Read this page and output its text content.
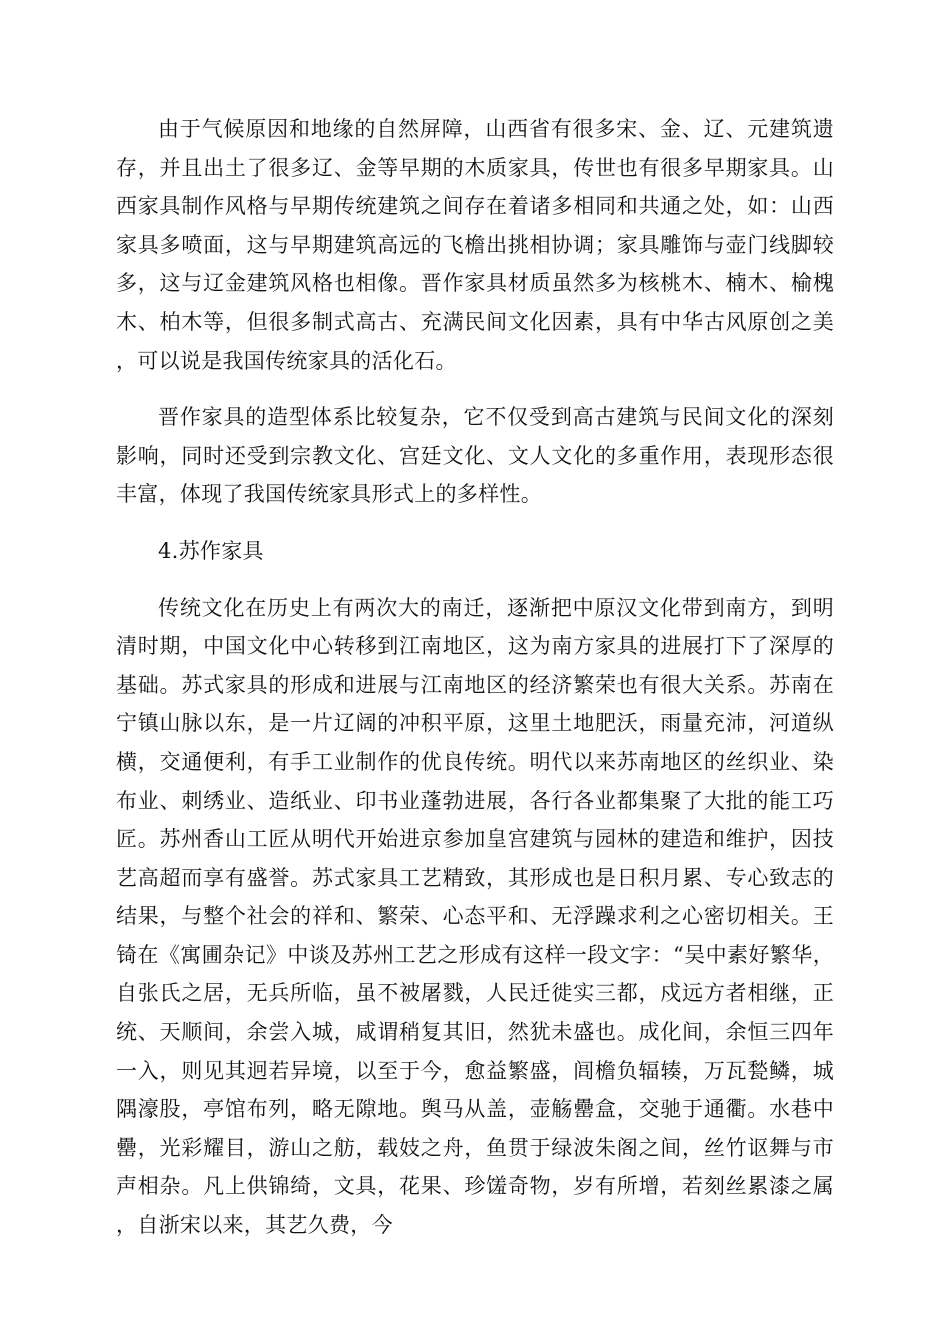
由于气候原因和地缘的自然屏障，山西省有很多宋、金、辽、元建筑遗存，并且出土了很多辽、金等早期的木质家具，传世也有很多早期家具。山西家具制作风格与早期传统建筑之间存在着诸多相同和共通之处，如：山西家具多喷面，这与早期建筑高远的飞檐出挑相协调；家具雕饰与壶门线脚较多，这与辽金建筑风格也相像。晋作家具材质虽然多为核桃木、楠木、榆槐木、柏木等，但很多制式高古、充满民间文化因素，具有中华古风原创之美，可以说是我国传统家具的活化石。

晋作家具的造型体系比较复杂，它不仅受到高古建筑与民间文化的深刻影响，同时还受到宗教文化、宫廷文化、文人文化的多重作用，表现形态很丰富，体现了我国传统家具形式上的多样性。

4.苏作家具

传统文化在历史上有两次大的南迁，逐渐把中原汉文化带到南方，到明清时期，中国文化中心转移到江南地区，这为南方家具的进展打下了深厚的基础。苏式家具的形成和进展与江南地区的经济繁荣也有很大关系。苏南在宁镇山脉以东，是一片辽阔的冲积平原，这里土地肥沃，雨量充沛，河道纵横，交通便利，有手工业制作的优良传统。明代以来苏南地区的丝织业、染布业、刺绣业、造纸业、印书业蓬勃进展，各行各业都集聚了大批的能工巧匠。苏州香山工匠从明代开始进京参加皇宫建筑与园林的建造和维护，因技艺高超而享有盛誉。苏式家具工艺精致，其形成也是日积月累、专心致志的结果，与整个社会的祥和、繁荣、心态平和、无浮躁求利之心密切相关。王锜在《寓圃杂记》中谈及苏州工艺之形成有这样一段文字：“吴中素好繁华，自张氏之居，无兵所临，虽不被屠戮，人民迁徙实三都，戍远方者相继，正统、天顺间，余尝入城，咸谓稍复其旧，然犹未盛也。成化间，余恒三四年一入，则见其迥若异境，以至于今，愈益繁盛，闾檐负辐辏，万瓦甃鳞，城隅濠股，亭馆布列，略无隙地。舆马从盖，壶觞罍盒，交驰于通衢。水巷中罍，光彩耀目，游山之舫，载妓之舟，鱼贯于绿波朱阁之间，丝竹讴舞与市声相杂。凡上供锦绮，文具，花果、珍馐奇物，岁有所增，若刻丝累漆之属，自浙宋以来，其艺久费，今
